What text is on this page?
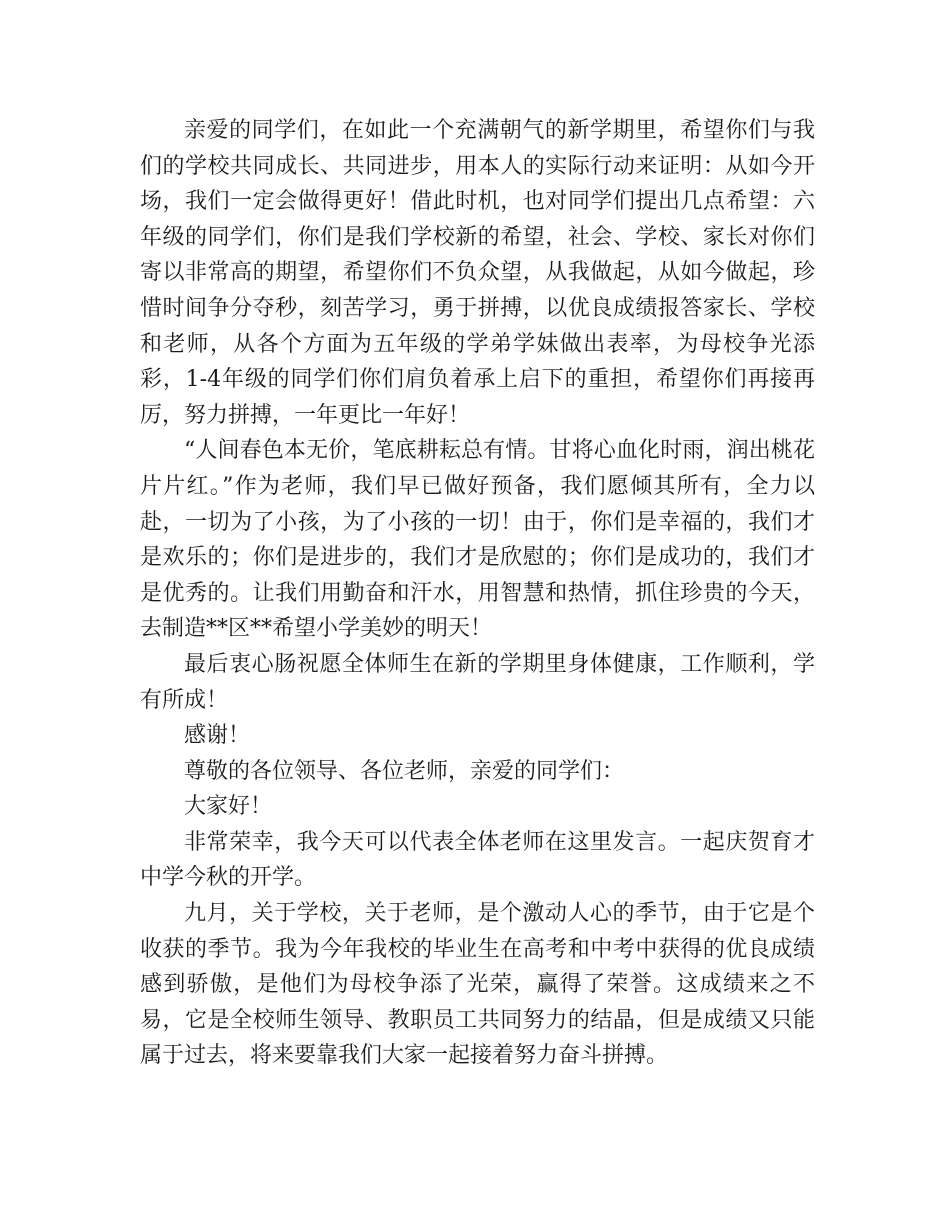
亲爱的同学们，在如此一个充满朝气的新学期里，希望你们与我们的学校共同成长、共同进步，用本人的实际行动来证明：从如今开场，我们一定会做得更好！借此时机，也对同学们提出几点希望：六年级的同学们，你们是我们学校新的希望，社会、学校、家长对你们寄以非常高的期望，希望你们不负众望，从我做起，从如今做起，珍惜时间争分夺秒，刻苦学习，勇于拼搏，以优良成绩报答家长、学校和老师，从各个方面为五年级的学弟学妹做出表率，为母校争光添彩，1-4年级的同学们你们肩负着承上启下的重担，希望你们再接再厉，努力拼搏，一年更比一年好！

“人间春色本无价，笔底耕耘总有情。甘将心血化时雨，润出桃花片片红。”作为老师，我们早已做好预备，我们愿倾其所有，全力以赴，一切为了小孩，为了小孩的一切！由于，你们是幸福的，我们才是欢乐的；你们是进步的，我们才是欣慰的；你们是成功的，我们才是优秀的。让我们用勤奋和汗水，用智慧和热情，抓住珍贵的今天，去制造**区**希望小学美妙的明天！

最后衷心肠祝愿全体师生在新的学期里身体健康，工作顺利，学有所成！

感谢！

尊敬的各位领导、各位老师，亲爱的同学们：

大家好！

非常荣幸，我今天可以代表全体老师在这里发言。一起庆贺育才中学今秋的开学。

九月，关于学校，关于老师，是个激动人心的季节，由于它是个收获的季节。我为今年我校的毕业生在高考和中考中获得的优良成绩感到骄傲，是他们为母校争添了光荣，赢得了荣誉。这成绩来之不易，它是全校师生领导、教职员工共同努力的结晶，但是成绩又只能属于过去，将来要靠我们大家一起接着努力奋斗拼搏。
